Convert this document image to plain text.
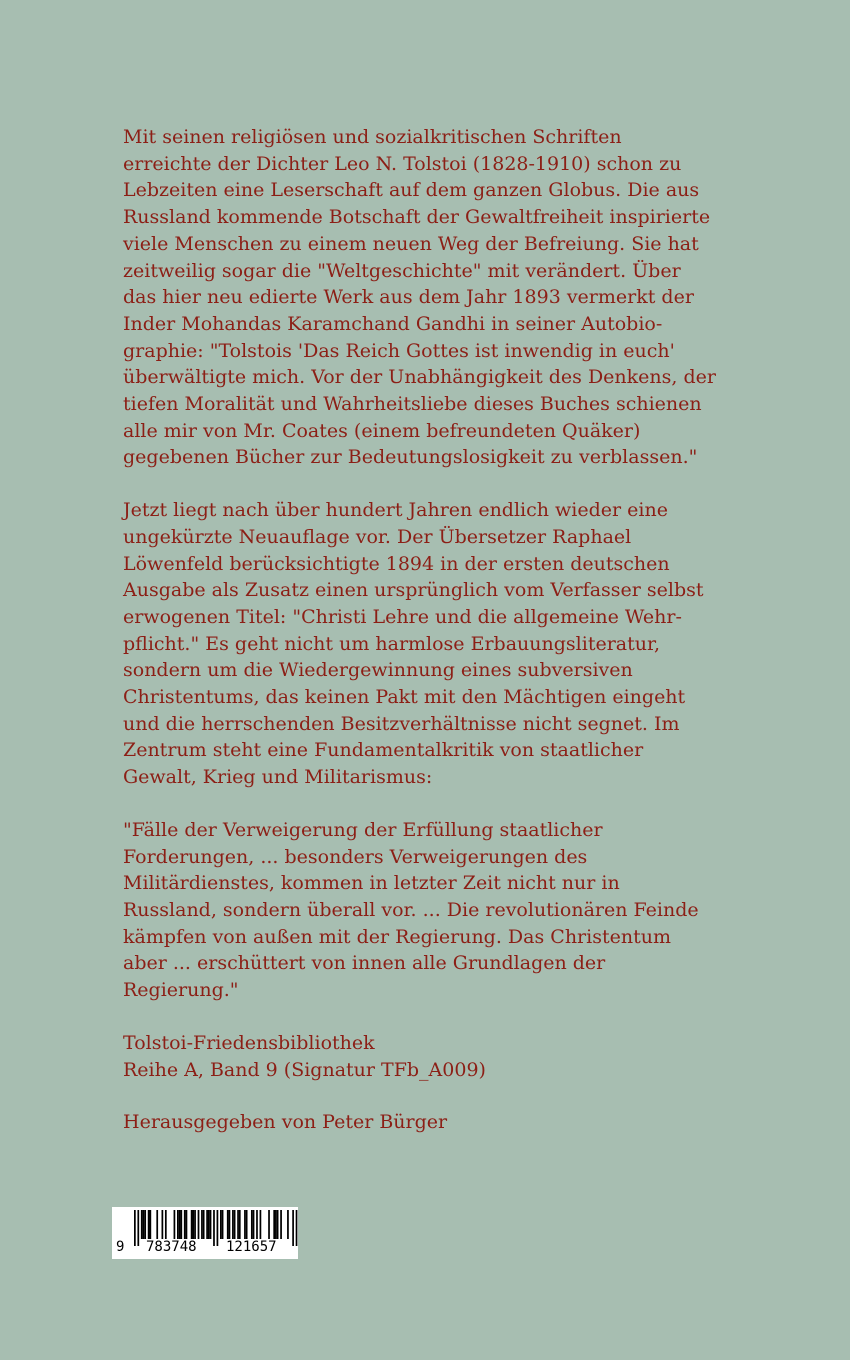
Mit seinen religiösen und sozialkritischen Schriften
erreichte der Dichter Leo N. Tolstoi (1828-1910) schon zu
Lebzeiten eine Leserschaft auf dem ganzen Globus. Die aus
Russland kommende Botschaft der Gewaltfreiheit inspirierte
viele Menschen zu einem neuen Weg der Befreiung. Sie hat
zeitweilig sogar die "Weltgeschichte" mit verändert. Über
das hier neu edierte Werk aus dem Jahr 1893 vermerkt der
Inder Mohandas Karamchand Gandhi in seiner Autobio-
graphie: "Tolstois 'Das Reich Gottes ist inwendig in euch'
überwältigte mich. Vor der Unabhängigkeit des Denkens, der
tiefen Moralität und Wahrheitsliebe dieses Buches schienen
alle mir von Mr. Coates (einem befreundeten Quäker)
gegebenen Bücher zur Bedeutungslosigkeit zu verblassen."

Jetzt liegt nach über hundert Jahren endlich wieder eine
ungekürzte Neuauflage vor. Der Übersetzer Raphael
Löwenfeld berücksichtigte 1894 in der ersten deutschen
Ausgabe als Zusatz einen ursprünglich vom Verfasser selbst
erwogenen Titel: "Christi Lehre und die allgemeine Wehr-
pflicht." Es geht nicht um harmlose Erbauungsliteratur,
sondern um die Wiedergewinnung eines subversiven
Christentums, das keinen Pakt mit den Mächtigen eingeht
und die herrschenden Besitzverhältnisse nicht segnet. Im
Zentrum steht eine Fundamentalkritik von staatlicher
Gewalt, Krieg und Militarismus:

"Fälle der Verweigerung der Erfüllung staatlicher
Forderungen, ... besonders Verweigerungen des
Militärdienstes, kommen in letzter Zeit nicht nur in
Russland, sondern überall vor. ... Die revolutionären Feinde
kämpfen von außen mit der Regierung. Das Christentum
aber ... erschüttert von innen alle Grundlagen der
Regierung."

Tolstoi-Friedensbibliothek
Reihe A, Band 9 (Signatur TFb_A009)

Herausgegeben von Peter Bürger

9 783748 121657
